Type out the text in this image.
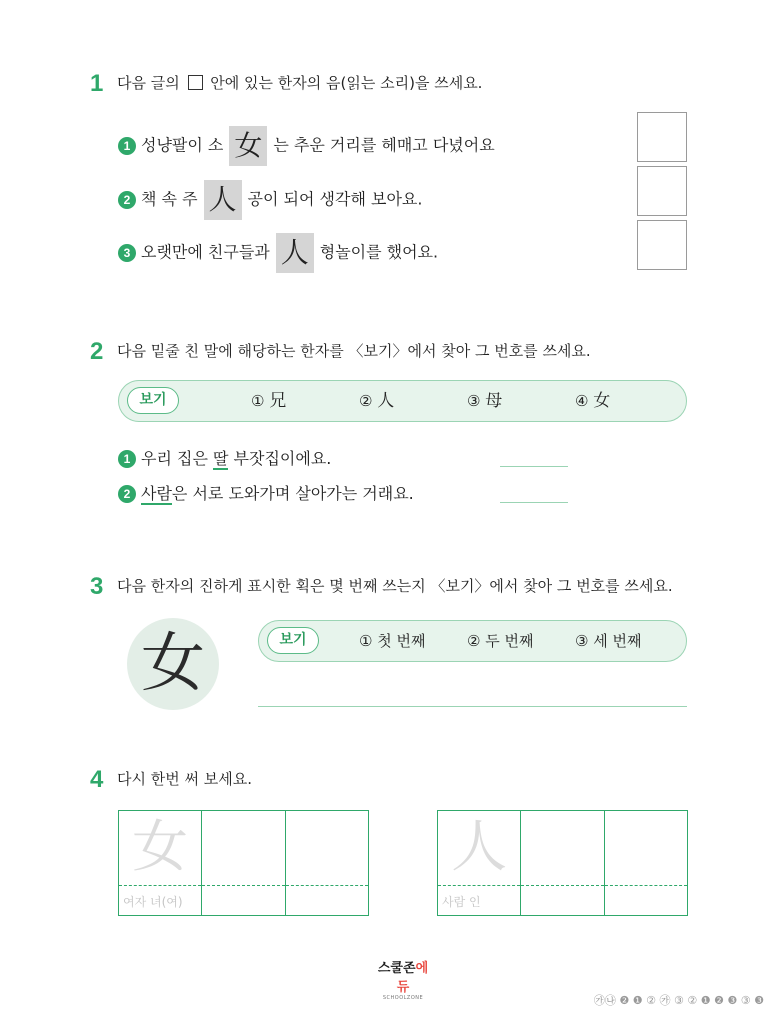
1 다음 글의 안에 있는 한자의 음(읽는 소리)을 쓰세요.
1 성냥팔이 소 女 는 추운 거리를 헤매고 다녔어요
2 책 속 주 人 공이 되어 생각해 보아요.
3 오랫만에 친구들과 人 형놀이를 했어요.
2 다음 밑줄 친 말에 해당하는 한자를 〈보기〉에서 찾아 그 번호를 쓰세요.
보기	① 兄	② 人	③ 母	④ 女
1 우리 집은 딸 부잣집이에요.
2 사람은 서로 도와가며 살아가는 거래요.
3 다음 한자의 진하게 표시한 획은 몇 번째 쓰는지 〈보기〉에서 찾아 그 번호를 쓰세요.
女	보기	① 첫 번째	② 두 번째	③ 세 번째
4 다시 한번 써 보세요.
女
여자 녀(여)
人
사람 인
스쿨존에듀
SCHOOLZONE	㉮㉯ ❷ ❶ ② ㉮ ③ ② ❶ ❷ ❸ ③ ❸
